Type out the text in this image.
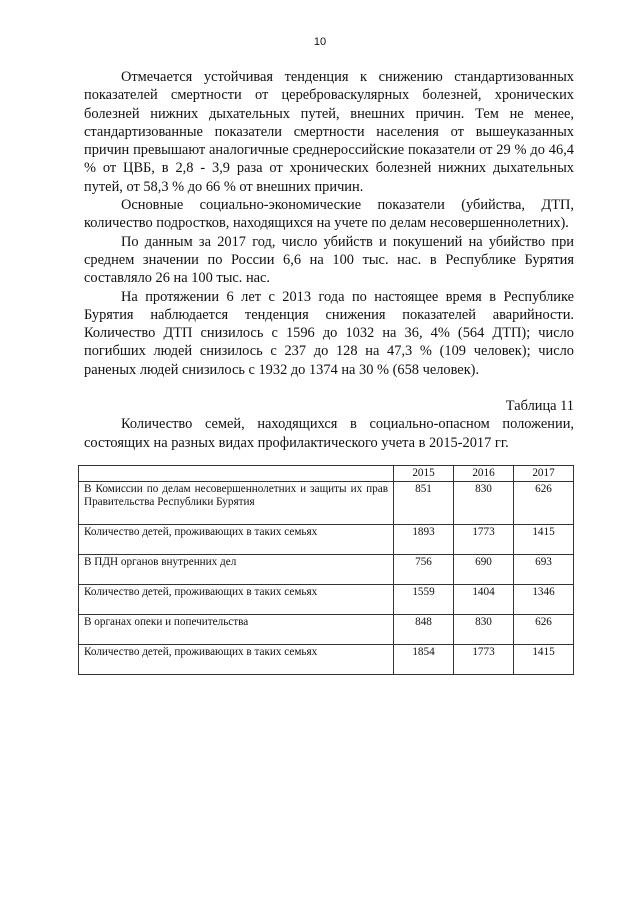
10

Отмечается устойчивая тенденция к снижению стандартизованных показателей смертности от цереброваскулярных болезней, хронических болезней нижних дыхательных путей, внешних причин. Тем не менее, стандартизованные показатели смертности населения от вышеуказанных причин превышают аналогичные среднероссийские показатели от 29 % до 46,4 % от ЦВБ, в 2,8 - 3,9 раза от хронических болезней нижних дыхательных путей, от 58,3 % до 66 % от внешних причин.

Основные социально-экономические показатели (убийства, ДТП, количество подростков, находящихся на учете по делам несовершеннолетних).

По данным за 2017 год, число убийств и покушений на убийство при среднем значении по России 6,6 на 100 тыс. нас. в Республике Бурятия составляло 26 на 100 тыс. нас.

На протяжении 6 лет с 2013 года по настоящее время в Республике Бурятия наблюдается тенденция снижения показателей аварийности. Количество ДТП снизилось с 1596 до 1032 на 36, 4% (564 ДТП); число погибших людей снизилось с 237 до 128 на 47,3 % (109 человек); число раненых людей снизилось с 1932 до 1374 на 30 % (658 человек).

Таблица 11

Количество семей, находящихся в социально-опасном положении, состоящих на разных видах профилактического учета в 2015-2017 гг.

	2015	2016	2017
В Комиссии по делам несовершеннолетних и защиты их прав Правительства Республики Бурятия	851	830	626
Количество детей, проживающих в таких семьях	1893	1773	1415
В ПДН органов внутренних дел	756	690	693
Количество детей, проживающих в таких семьях	1559	1404	1346
В органах опеки и попечительства	848	830	626
Количество детей, проживающих в таких семьях	1854	1773	1415
